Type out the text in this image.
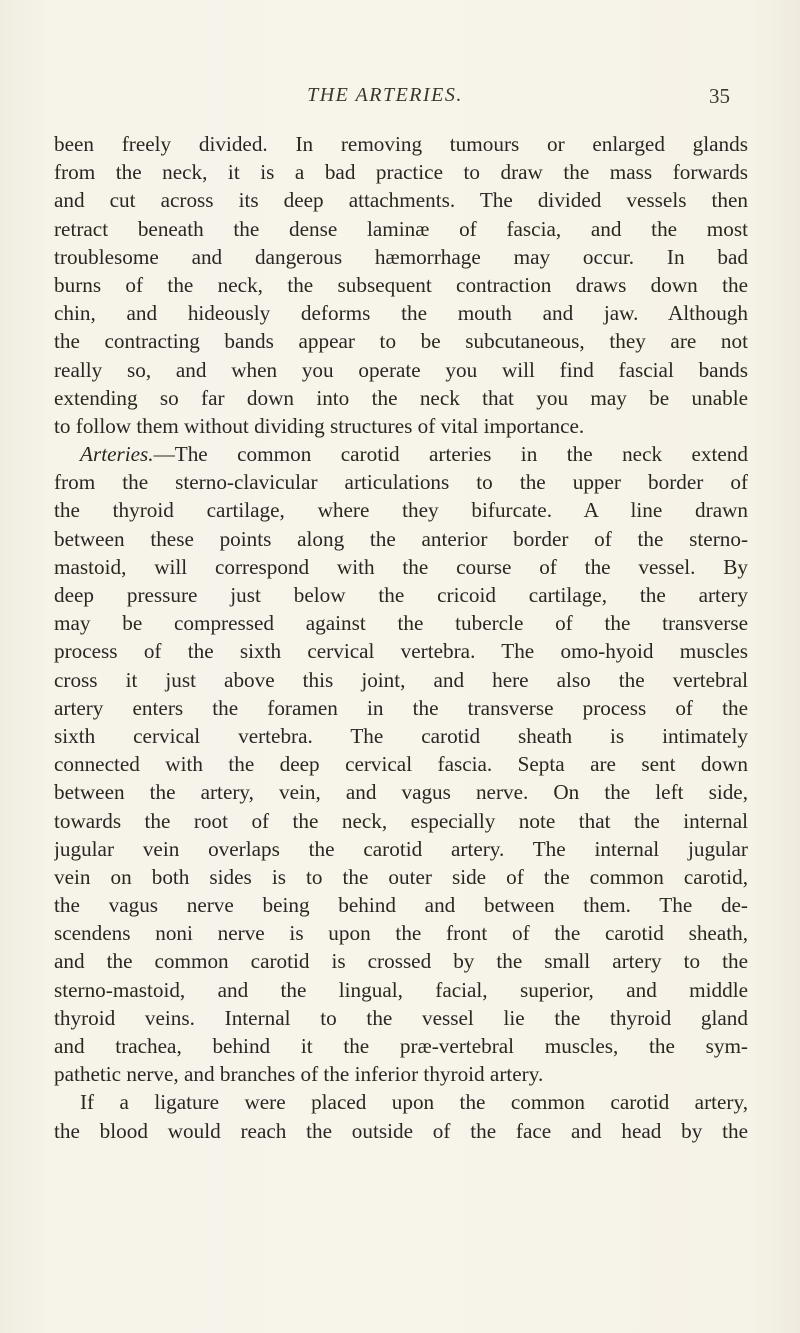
THE ARTERIES.	35
been freely divided. In removing tumours or enlarged glands
from the neck, it is a bad practice to draw the mass forwards
and cut across its deep attachments. The divided vessels then
retract beneath the dense laminæ of fascia, and the most
troublesome and dangerous hæmorrhage may occur. In bad
burns of the neck, the subsequent contraction draws down the
chin, and hideously deforms the mouth and jaw. Although
the contracting bands appear to be subcutaneous, they are not
really so, and when you operate you will find fascial bands
extending so far down into the neck that you may be unable
to follow them without dividing structures of vital importance.
Arteries.—The common carotid arteries in the neck extend
from the sterno-clavicular articulations to the upper border of
the thyroid cartilage, where they bifurcate. A line drawn
between these points along the anterior border of the sterno-
mastoid, will correspond with the course of the vessel. By
deep pressure just below the cricoid cartilage, the artery
may be compressed against the tubercle of the transverse
process of the sixth cervical vertebra. The omo-hyoid muscles
cross it just above this joint, and here also the vertebral
artery enters the foramen in the transverse process of the
sixth cervical vertebra. The carotid sheath is intimately
connected with the deep cervical fascia. Septa are sent down
between the artery, vein, and vagus nerve. On the left side,
towards the root of the neck, especially note that the internal
jugular vein overlaps the carotid artery. The internal jugular
vein on both sides is to the outer side of the common carotid,
the vagus nerve being behind and between them. The de-
scendens noni nerve is upon the front of the carotid sheath,
and the common carotid is crossed by the small artery to the
sterno-mastoid, and the lingual, facial, superior, and middle
thyroid veins. Internal to the vessel lie the thyroid gland
and trachea, behind it the præ-vertebral muscles, the sym-
pathetic nerve, and branches of the inferior thyroid artery.
If a ligature were placed upon the common carotid artery,
the blood would reach the outside of the face and head by the
